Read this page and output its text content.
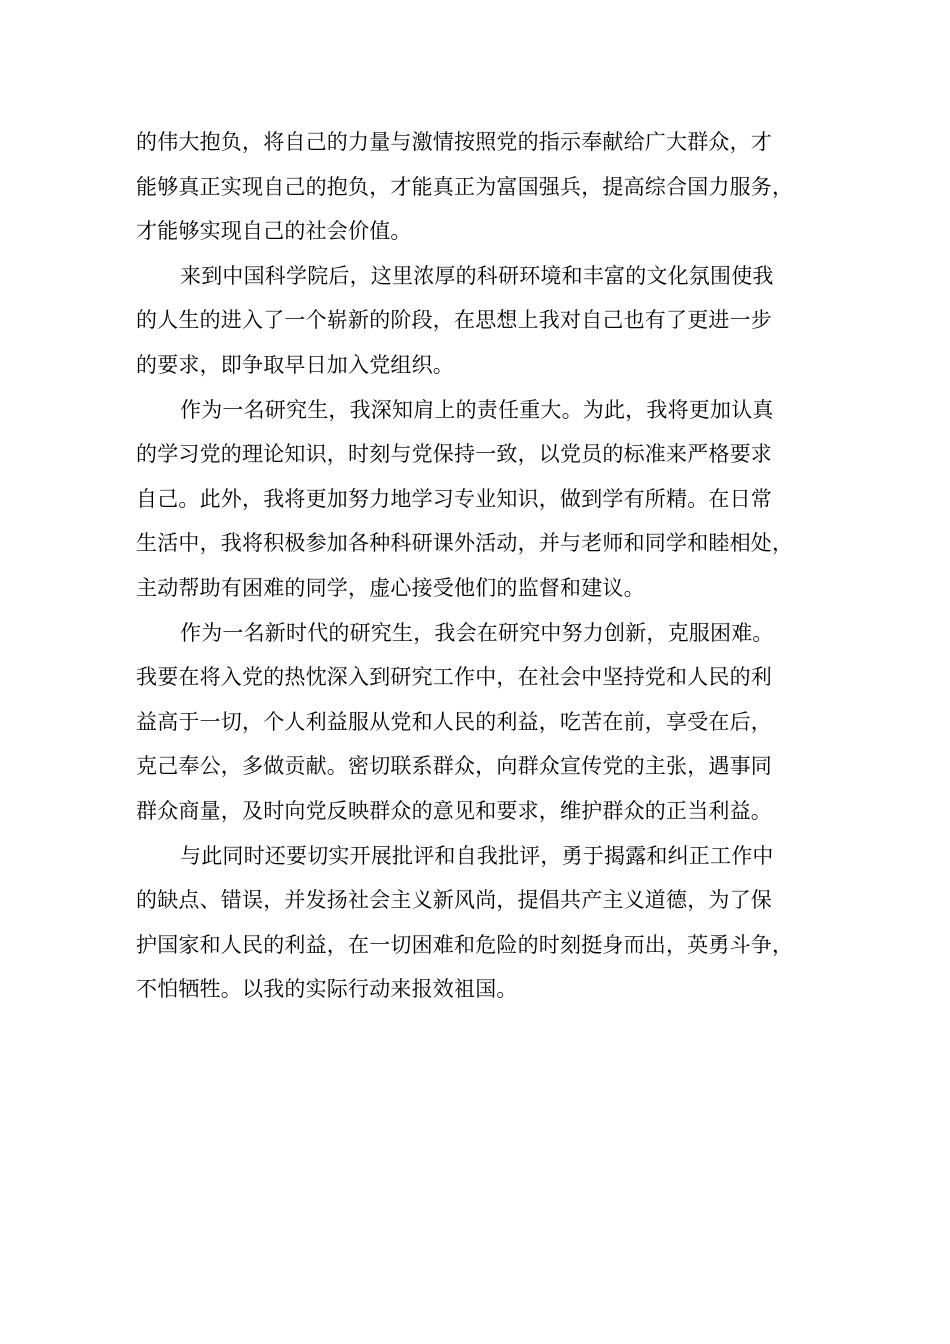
的伟大抱负，将自己的力量与激情按照党的指示奉献给广大群众，才
能够真正实现自己的抱负，才能真正为富国强兵，提高综合国力服务，
才能够实现自己的社会价值。
来到中国科学院后，这里浓厚的科研环境和丰富的文化氛围使我
的人生的进入了一个崭新的阶段，在思想上我对自己也有了更进一步
的要求，即争取早日加入党组织。
作为一名研究生，我深知肩上的责任重大。为此，我将更加认真
的学习党的理论知识，时刻与党保持一致，以党员的标准来严格要求
自己。此外，我将更加努力地学习专业知识，做到学有所精。在日常
生活中，我将积极参加各种科研课外活动，并与老师和同学和睦相处，
主动帮助有困难的同学，虚心接受他们的监督和建议。
作为一名新时代的研究生，我会在研究中努力创新，克服困难。
我要在将入党的热忱深入到研究工作中，在社会中坚持党和人民的利
益高于一切，个人利益服从党和人民的利益，吃苦在前，享受在后，
克己奉公，多做贡献。密切联系群众，向群众宣传党的主张，遇事同
群众商量，及时向党反映群众的意见和要求，维护群众的正当利益。
与此同时还要切实开展批评和自我批评，勇于揭露和纠正工作中
的缺点、错误，并发扬社会主义新风尚，提倡共产主义道德，为了保
护国家和人民的利益，在一切困难和危险的时刻挺身而出，英勇斗争，
不怕牺牲。以我的实际行动来报效祖国。
